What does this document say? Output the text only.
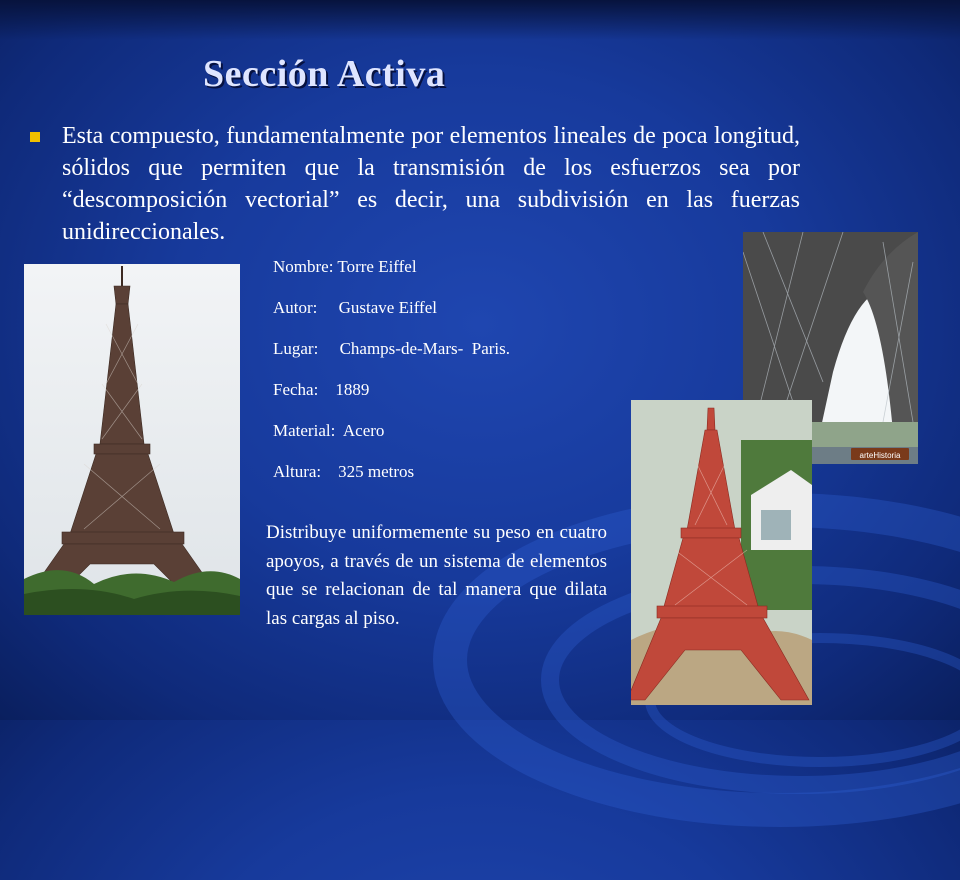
Sección Activa

Esta compuesto, fundamentalmente por elementos lineales de poca longitud, sólidos que permiten que la transmisión de los esfuerzos sea por “descomposición vectorial” es decir, una subdivisión en las fuerzas unidireccionales.

Nombre: Torre Eiffel
Autor:     Gustave Eiffel
Lugar:     Champs-de-Mars-  Paris.
Fecha:    1889
Material:  Acero
Altura:    325 metros
arteHistoria

Distribuye uniformemente su peso en cuatro apoyos, a través de un sistema de elementos que se relacionan de tal manera que dilata las cargas al piso.
